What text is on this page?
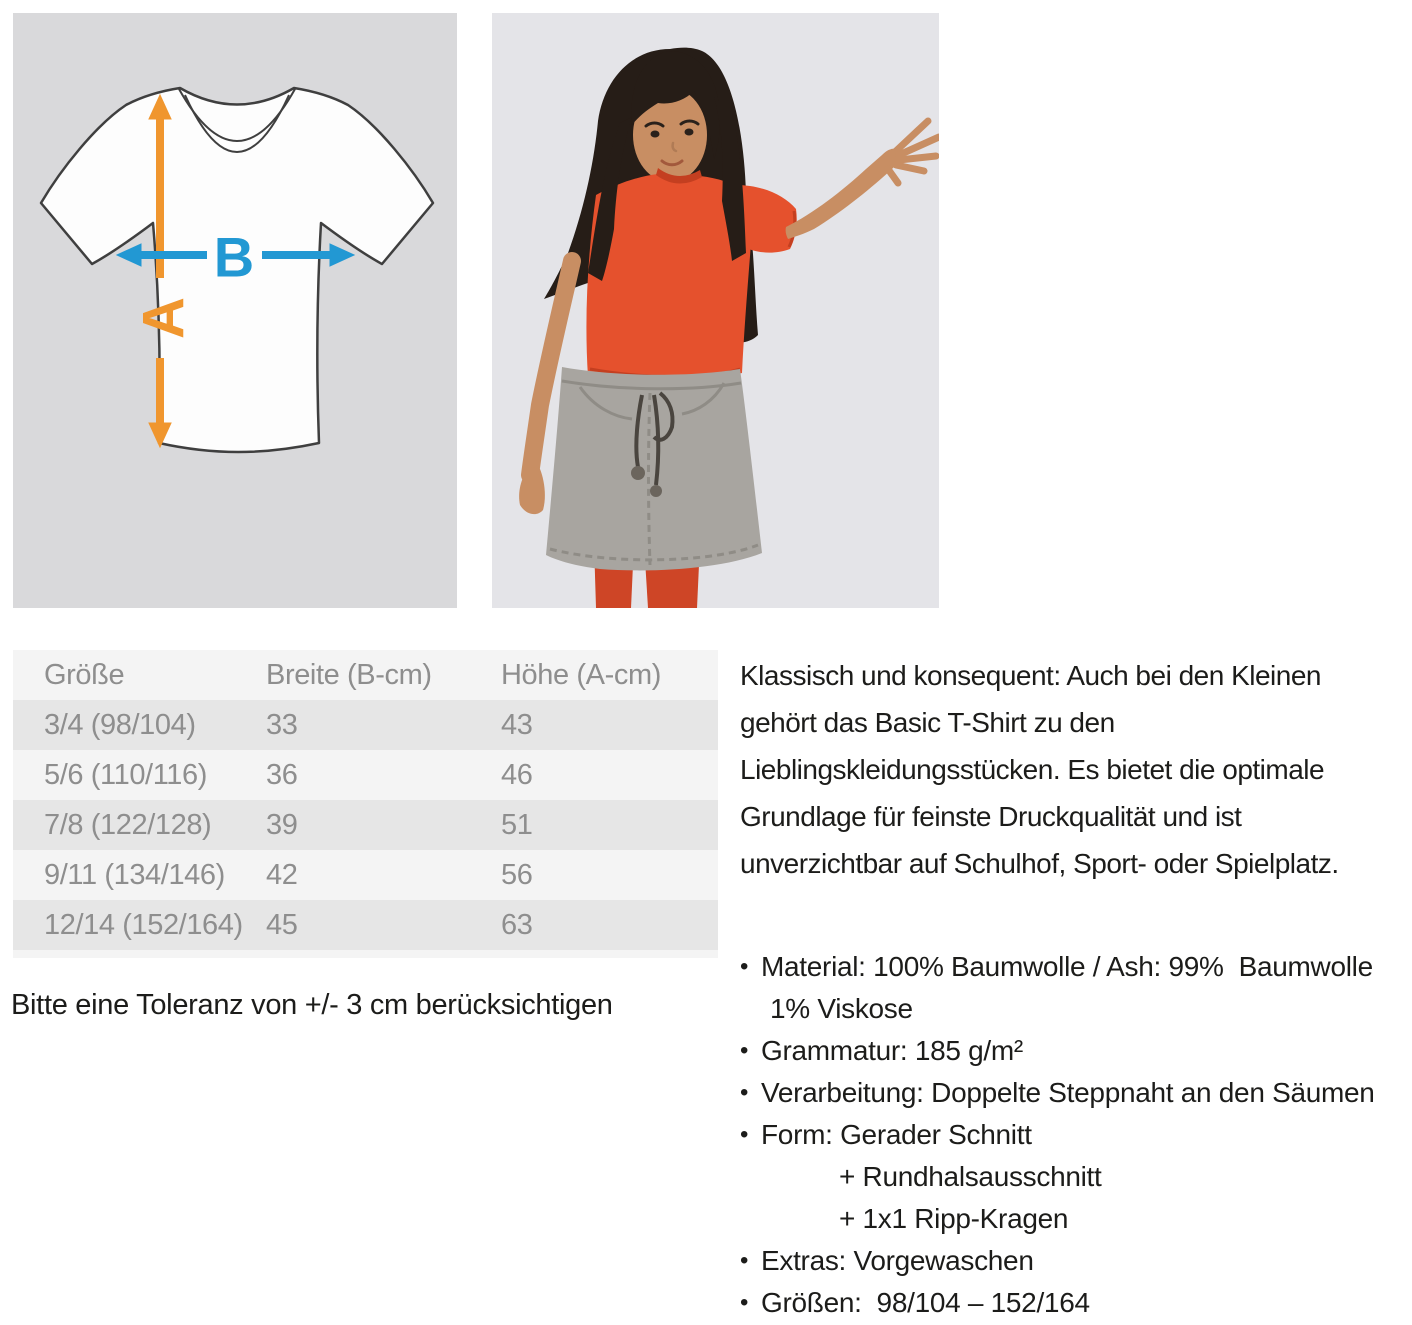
A
B
Größe	Breite (B-cm)	Höhe (A-cm)
3/4 (98/104)	33	43
5/6 (110/116)	36	46
7/8 (122/128)	39	51
9/11 (134/146)	42	56
12/14 (152/164) 45	63
Bitte eine Toleranz von +/- 3 cm berücksichtigen
Klassisch und konsequent: Auch bei den Kleinen
gehört das Basic T-Shirt zu den
Lieblingskleidungsstücken. Es bietet die optimale
Grundlage für feinste Druckqualität und ist
unverzichtbar auf Schulhof, Sport- oder Spielplatz.
• Material: 100% Baumwolle / Ash: 99%  Baumwolle
1% Viskose
• Grammatur: 185 g/m²
• Verarbeitung: Doppelte Steppnaht an den Säumen
• Form: Gerader Schnitt
+ Rundhalsausschnitt
+ 1x1 Ripp-Kragen
• Extras: Vorgewaschen
• Größen:  98/104 – 152/164
